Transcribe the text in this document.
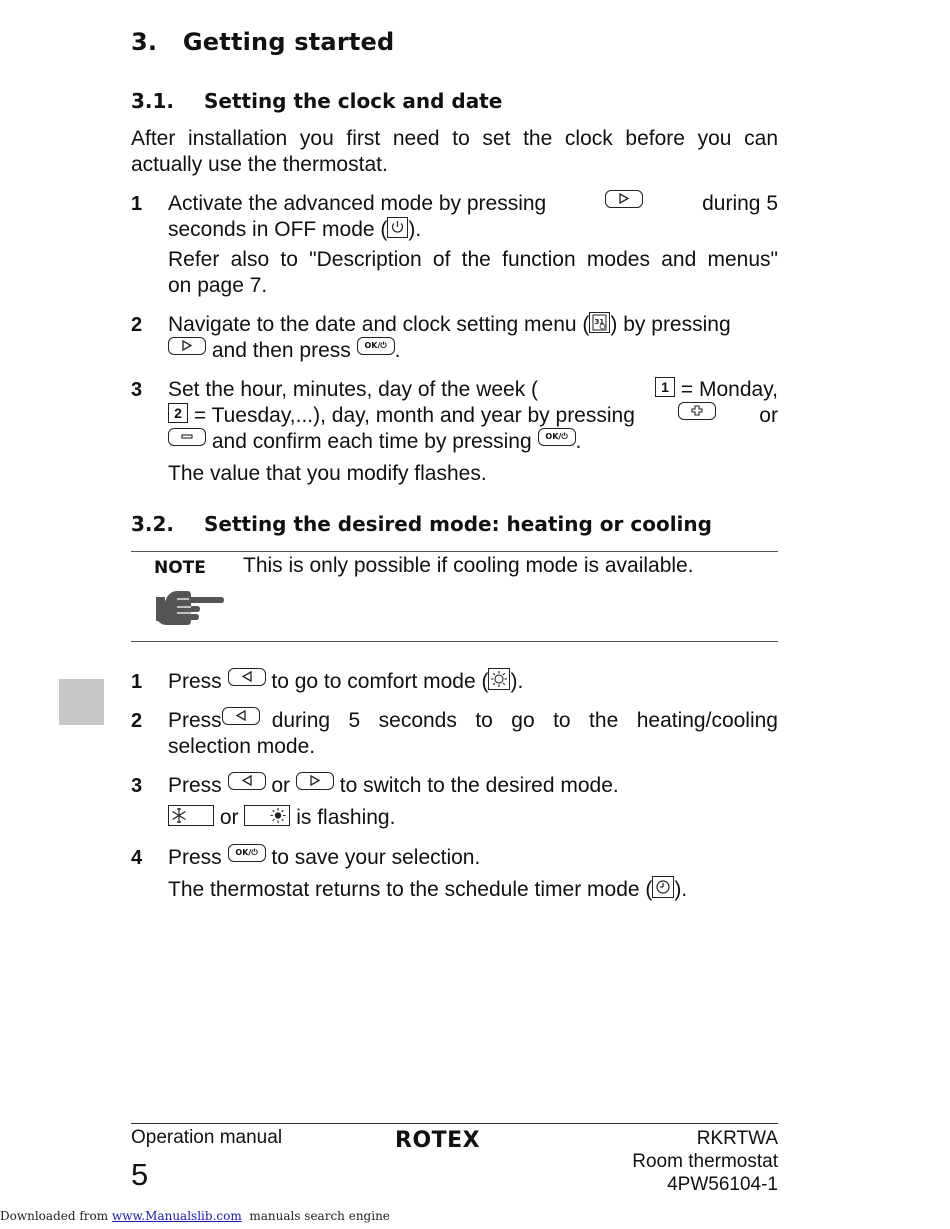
3. Getting started
3.1. Setting the clock and date
After installation you first need to set the clock before you can
actually use the thermostat.
1	Activate the advanced mode by pressing	during 5
seconds in OFF mode ( ).
Refer also to "Description of the function modes and menus"
on page 7.
2	Navigate to the date and clock setting menu ( 31 ) by pressing
and then press OK/⏻ .
3	Set the hour, minutes, day of the week (	1 = Monday,
2 = Tuesday,...), day, month and year by pressing	or
and confirm each time by pressing OK/⏻ .
The value that you modify flashes.
3.2. Setting the desired mode: heating or cooling
NOTE This is only possible if cooling mode is available.
1	Press to go to comfort mode ( ).
2	Press during 5 seconds to go to the heating/cooling
selection mode.
3	Press or to switch to the desired mode.
or	is flashing.
4	Press OK/⏻ to save your selection.
The thermostat returns to the schedule timer mode ( ).
Operation manual	ROTEX	RKRTWA
Room thermostat
4PW56104-1
5
Downloaded from www.Manualslib.com manuals search engine
